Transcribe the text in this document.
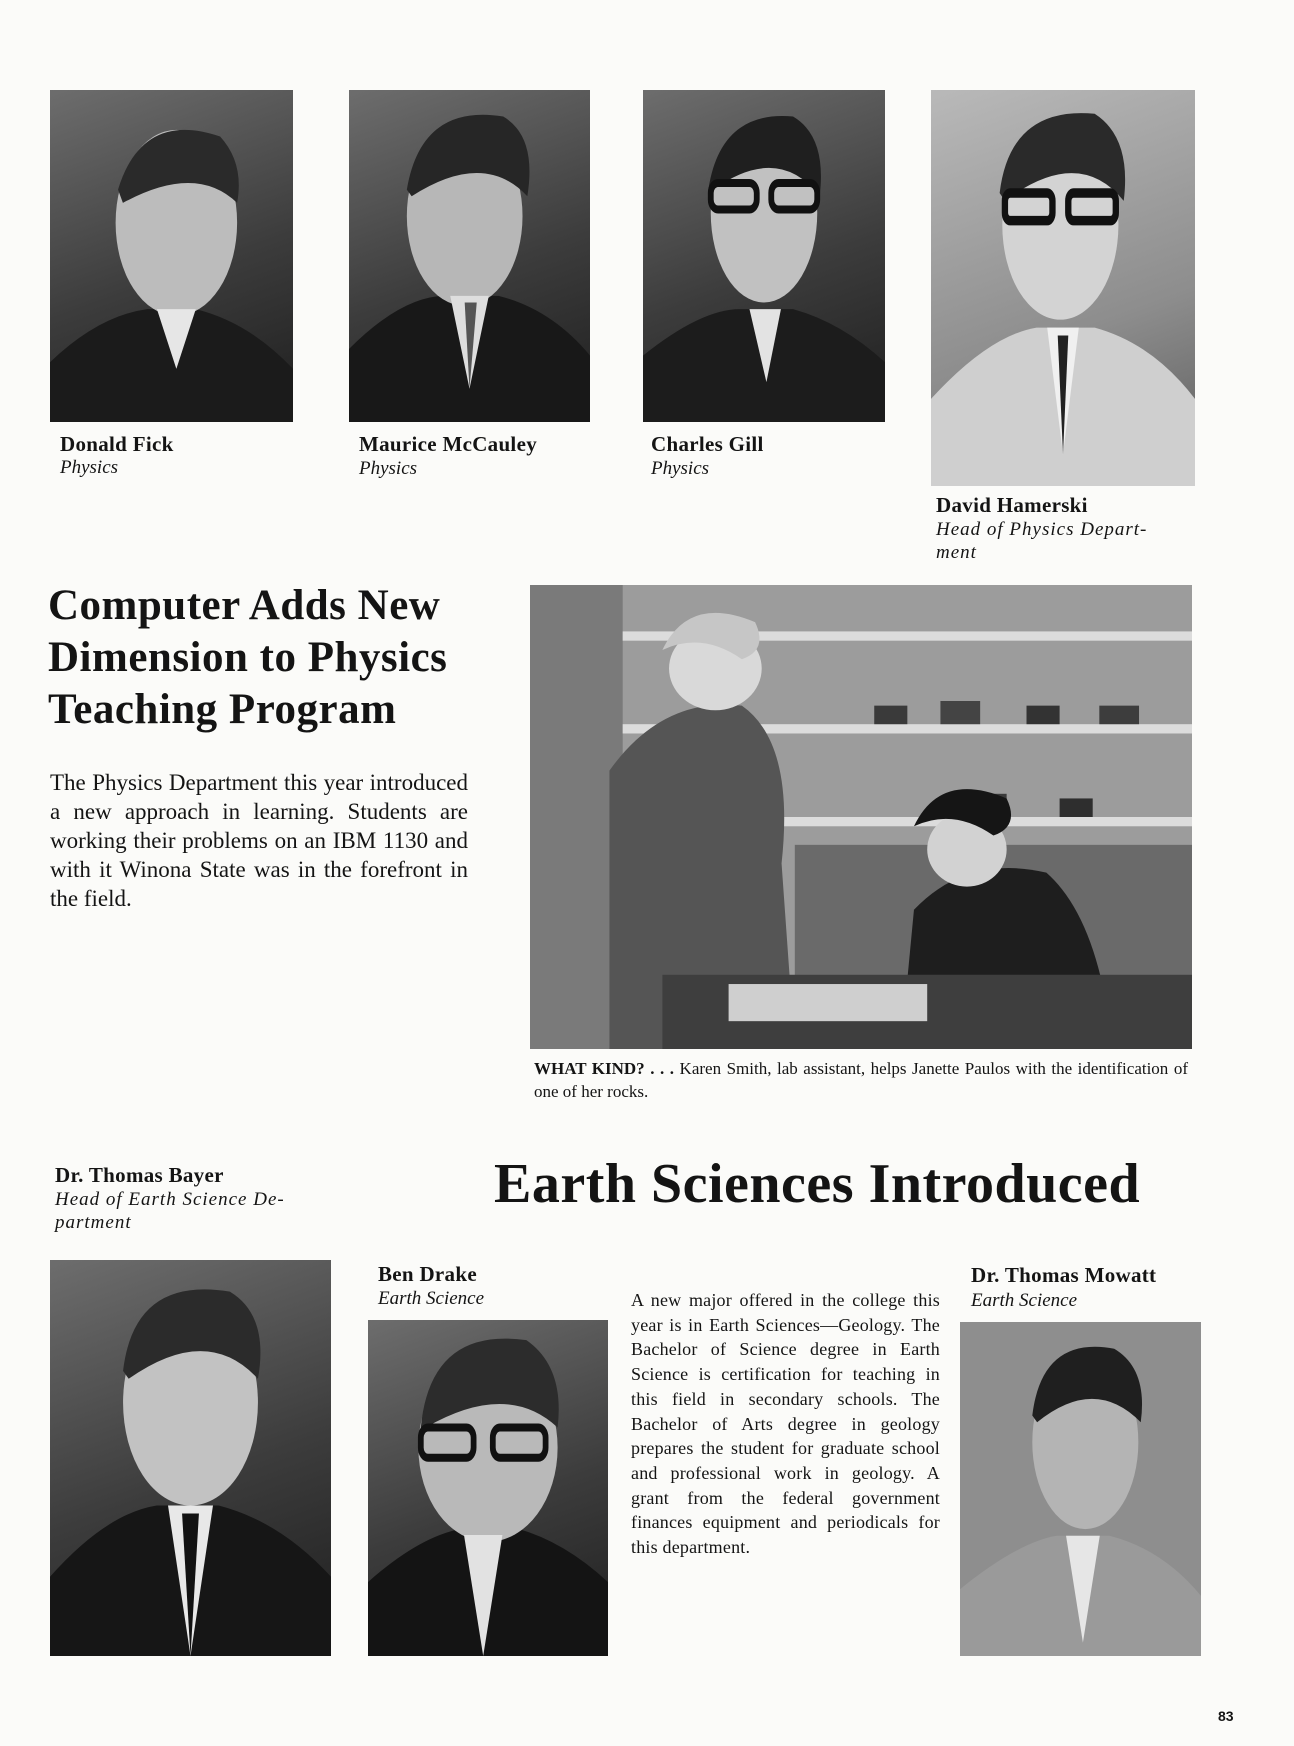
Donald Fick
Physics
Maurice McCauley
Physics
Charles Gill
Physics
David Hamerski
Head of Physics Depart-ment
Computer Adds New Dimension to Physics Teaching Program

The Physics Department this year introduced a new approach in learning. Students are working their problems on an IBM 1130 and with it Winona State was in the forefront in the field.

WHAT KIND? . . . Karen Smith, lab assistant, helps Janette Paulos with the identification of one of her rocks.

Dr. Thomas Bayer
Head of Earth Science De-partment
Earth Sciences Introduced
Ben Drake
Earth Science	A new major offered in the college this year is in Earth Sciences—Geology. The Bachelor of Science degree in Earth Science is certification for teaching in this field in secondary schools. The Bachelor of Arts degree in geology prepares the student for graduate school and professional work in geology. A grant from the federal government finances equipment and periodicals for this department.

Dr. Thomas Mowatt
Earth Science
83
